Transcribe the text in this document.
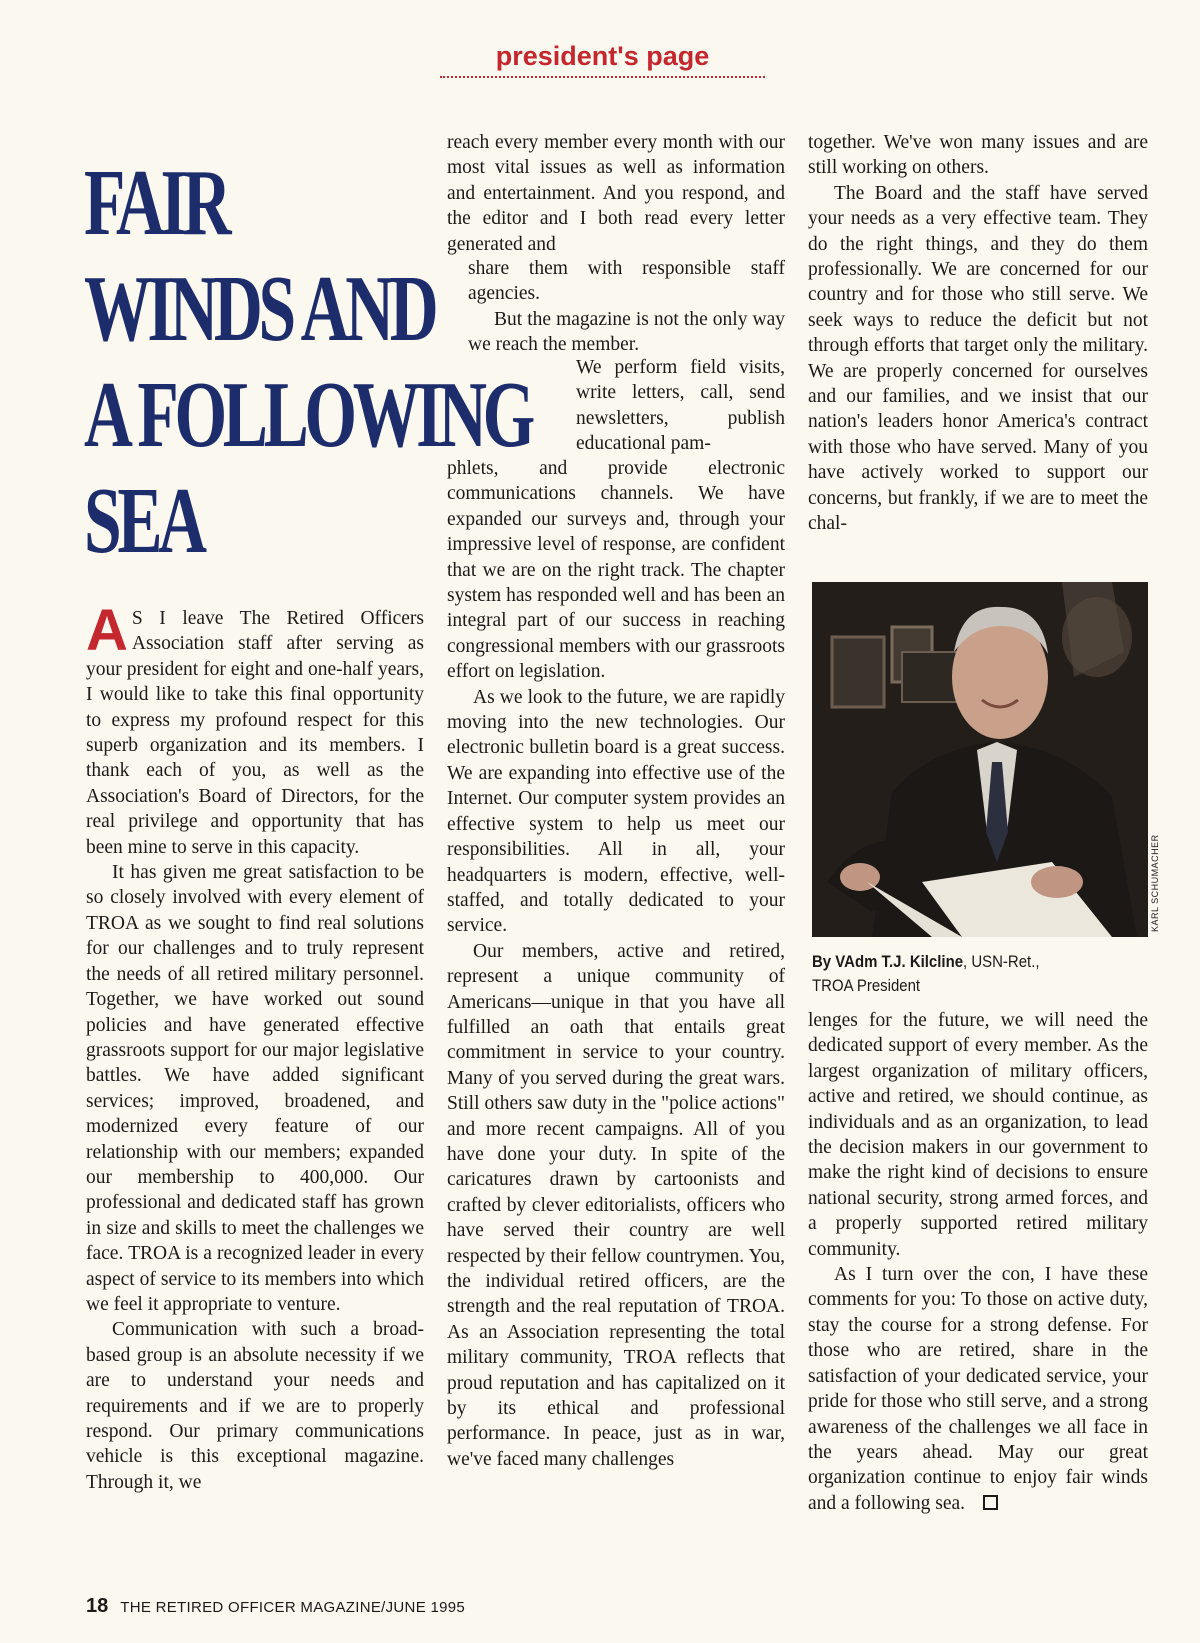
president's page
FAIR
WINDS AND
A FOLLOWING
SEA

A S I leave The Retired Officers Association staff after serving as your president for eight and one-half years, I would like to take this final opportunity to express my profound respect for this superb organization and its members. I thank each of you, as well as the Association's Board of Directors, for the real privilege and opportunity that has been mine to serve in this capacity.

It has given me great satisfaction to be so closely involved with every element of TROA as we sought to find real solutions for our challenges and to truly represent the needs of all retired military personnel. Together, we have worked out sound policies and have generated effective grassroots support for our major legislative battles. We have added significant services; improved, broadened, and modernized every feature of our relationship with our members; expanded our membership to 400,000. Our professional and dedicated staff has grown in size and skills to meet the challenges we face. TROA is a recognized leader in every aspect of service to its members into which we feel it appropriate to venture.

Communication with such a broad-based group is an absolute necessity if we are to understand your needs and requirements and if we are to properly respond. Our primary communications vehicle is this exceptional magazine. Through it, we

reach every member every month with our most vital issues as well as information and entertainment. And you respond, and the editor and I both read every letter generated and

share them with responsible staff agencies.

But the magazine is not the only way we reach the member.

We perform field visits, write letters, call, send newsletters, publish educational pam-

phlets, and provide electronic communications channels. We have expanded our surveys and, through your impressive level of response, are confident that we are on the right track. The chapter system has responded well and has been an integral part of our success in reaching congressional members with our grassroots effort on legislation.

As we look to the future, we are rapidly moving into the new technologies. Our electronic bulletin board is a great success. We are expanding into effective use of the Internet. Our computer system provides an effective system to help us meet our responsibilities. All in all, your headquarters is modern, effective, well-staffed, and totally dedicated to your service.

Our members, active and retired, represent a unique community of Americans—unique in that you have all fulfilled an oath that entails great commitment in service to your country. Many of you served during the great wars. Still others saw duty in the "police actions" and more recent campaigns. All of you have done your duty. In spite of the caricatures drawn by cartoonists and crafted by clever editorialists, officers who have served their country are well respected by their fellow countrymen. You, the individual retired officers, are the strength and the real reputation of TROA. As an Association representing the total military community, TROA reflects that proud reputation and has capitalized on it by its ethical and professional performance. In peace, just as in war, we've faced many challenges

together. We've won many issues and are still working on others.

The Board and the staff have served your needs as a very effective team. They do the right things, and they do them professionally. We are concerned for our country and for those who still serve. We seek ways to reduce the deficit but not through efforts that target only the military. We are properly concerned for ourselves and our families, and we insist that our nation's leaders honor America's contract with those who have served. Many of you have actively worked to support our concerns, but frankly, if we are to meet the chal-

KARL SCHUMACHER
By VAdm T.J. Kilcline, USN-Ret.,
TROA President

lenges for the future, we will need the dedicated support of every member. As the largest organization of military officers, active and retired, we should continue, as individuals and as an organization, to lead the decision makers in our government to make the right kind of decisions to ensure national security, strong armed forces, and a properly supported retired military community.

As I turn over the con, I have these comments for you: To those on active duty, stay the course for a strong defense. For those who are retired, share in the satisfaction of your dedicated service, your pride for those who still serve, and a strong awareness of the challenges we all face in the years ahead. May our great organization continue to enjoy fair winds and a following sea.

18 THE RETIRED OFFICER MAGAZINE/JUNE 1995
